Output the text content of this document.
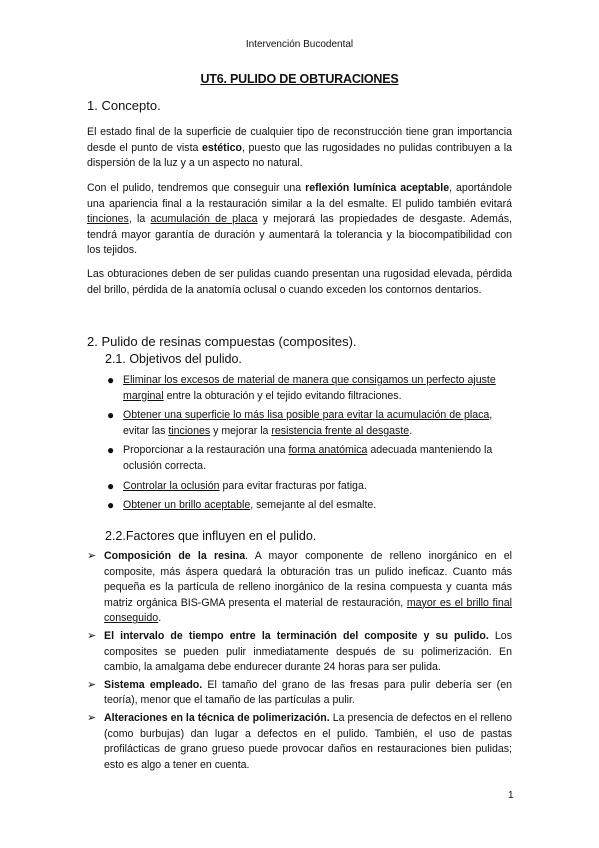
Intervención Bucodental
UT6. PULIDO DE OBTURACIONES
1. Concepto.

El estado final de la superficie de cualquier tipo de reconstrucción tiene gran importancia desde el punto de vista estético, puesto que las rugosidades no pulidas contribuyen a la dispersión de la luz y a un aspecto no natural.

Con el pulido, tendremos que conseguir una reflexión lumínica aceptable, aportándole una apariencia final a la restauración similar a la del esmalte. El pulido también evitará tinciones, la acumulación de placa y mejorará las propiedades de desgaste. Además, tendrá mayor garantía de duración y aumentará la tolerancia y la biocompatibilidad con los tejidos.

Las obturaciones deben de ser pulidas cuando presentan una rugosidad elevada, pérdida del brillo, pérdida de la anatomía oclusal o cuando exceden los contornos dentarios.

2. Pulido de resinas compuestas (composites).
2.1. Objetivos del pulido.
● Eliminar los excesos de material de manera que consigamos un perfecto ajuste marginal entre la obturación y el tejido evitando filtraciones.
● Obtener una superficie lo más lisa posible para evitar la acumulación de placa, evitar las tinciones y mejorar la resistencia frente al desgaste.
● Proporcionar a la restauración una forma anatómica adecuada manteniendo la oclusión correcta.
● Controlar la oclusión para evitar fracturas por fatiga.
● Obtener un brillo aceptable, semejante al del esmalte.
2.2.Factores que influyen en el pulido.
➢ Composición de la resina. A mayor componente de relleno inorgánico en el composite, más áspera quedará la obturación tras un pulido ineficaz. Cuanto más pequeña es la partícula de relleno inorgánico de la resina compuesta y cuanta más matriz orgánica BIS-GMA presenta el material de restauración, mayor es el brillo final conseguido.
➢ El intervalo de tiempo entre la terminación del composite y su pulido. Los composites se pueden pulir inmediatamente después de su polimerización. En cambio, la amalgama debe endurecer durante 24 horas para ser pulida.
➢ Sistema empleado. El tamaño del grano de las fresas para pulir debería ser (en teoría), menor que el tamaño de las partículas a pulir.
➢ Alteraciones en la técnica de polimerización. La presencia de defectos en el relleno (como burbujas) dan lugar a defectos en el pulido. También, el uso de pastas profilácticas de grano grueso puede provocar daños en restauraciones bien pulidas; esto es algo a tener en cuenta.
1
